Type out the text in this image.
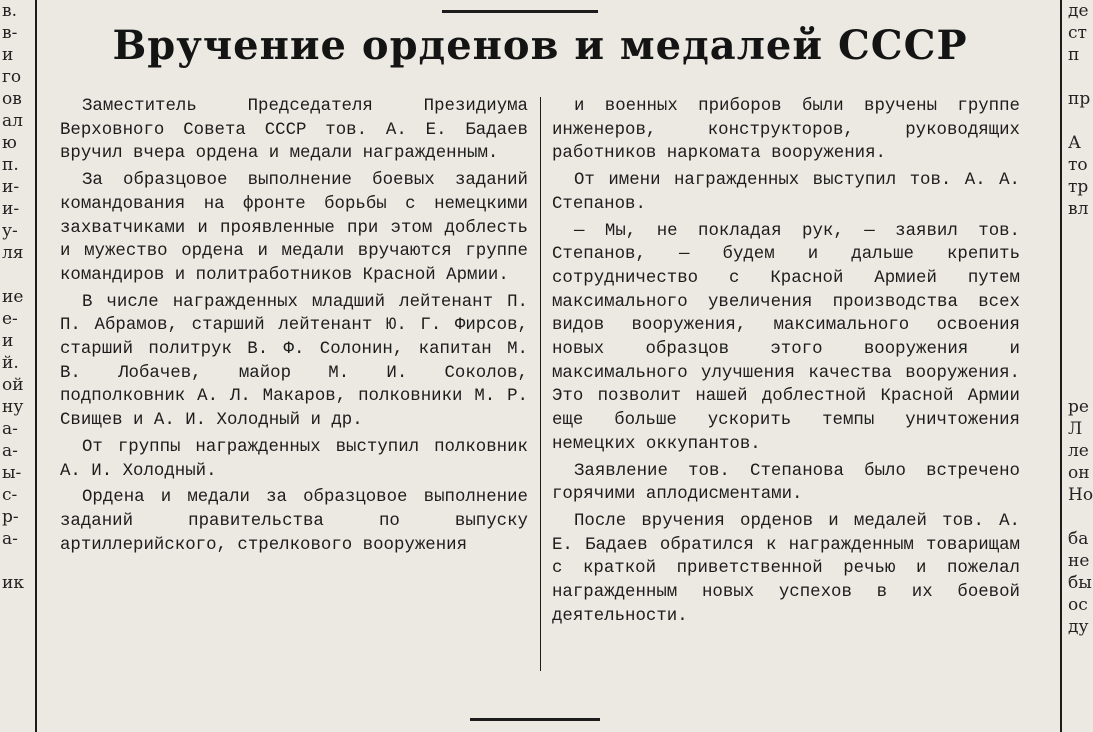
в.
в-
и
го
ов
ал
ю
п.
и-
и-
у-
ля
ие
е-
и
й.
ой
ну
а-
а-
ы-
с-
р-
а-
ик
Вручение орденов и медалей СССР

Заместитель Председателя Президиума Верховного Совета СССР тов. А. Е. Бадаев вручил вчера ордена и медали награжденным.

За образцовое выполнение боевых заданий командования на фронте борьбы с немецкими захватчиками и проявленные при этом доблесть и мужество ордена и медали вручаются группе командиров и политработников Красной Армии.

В числе награжденных младший лейтенант П. П. Абрамов, старший лейтенант Ю. Г. Фирсов, старший политрук В. Ф. Солонин, капитан М. В. Лобачев, майор М. И. Соколов, подполковник А. Л. Макаров, полковники М. Р. Свищев и А. И. Холодный и др.

От группы награжденных выступил полковник А. И. Холодный.

Ордена и медали за образцовое выполнение заданий правительства по выпуску артиллерийского, стрелкового вооружения

и военных приборов были вручены группе инженеров, конструкторов, руководящих работников наркомата вооружения.

От имени награжденных выступил тов. А. А. Степанов.

— Мы, не покладая рук, — заявил тов. Степанов, — будем и дальше крепить сотрудничество с Красной Армией путем максимального увеличения производства всех видов вооружения, максимального освоения новых образцов этого вооружения и максимального улучшения качества вооружения. Это позволит нашей доблестной Красной Армии еще больше ускорить темпы уничтожения немецких оккупантов.

Заявление тов. Степанова было встречено горячими аплодисментами.

После вручения орденов и медалей тов. А. Е. Бадаев обратился к награжденным товарищам с краткой приветственной речью и пожелал награжденным новых успехов в их боевой деятельности.

де
ст
п
пр
А
то
тр
вл
ре
Л
ле
он
Но
ба
не
бы
ос
ду
